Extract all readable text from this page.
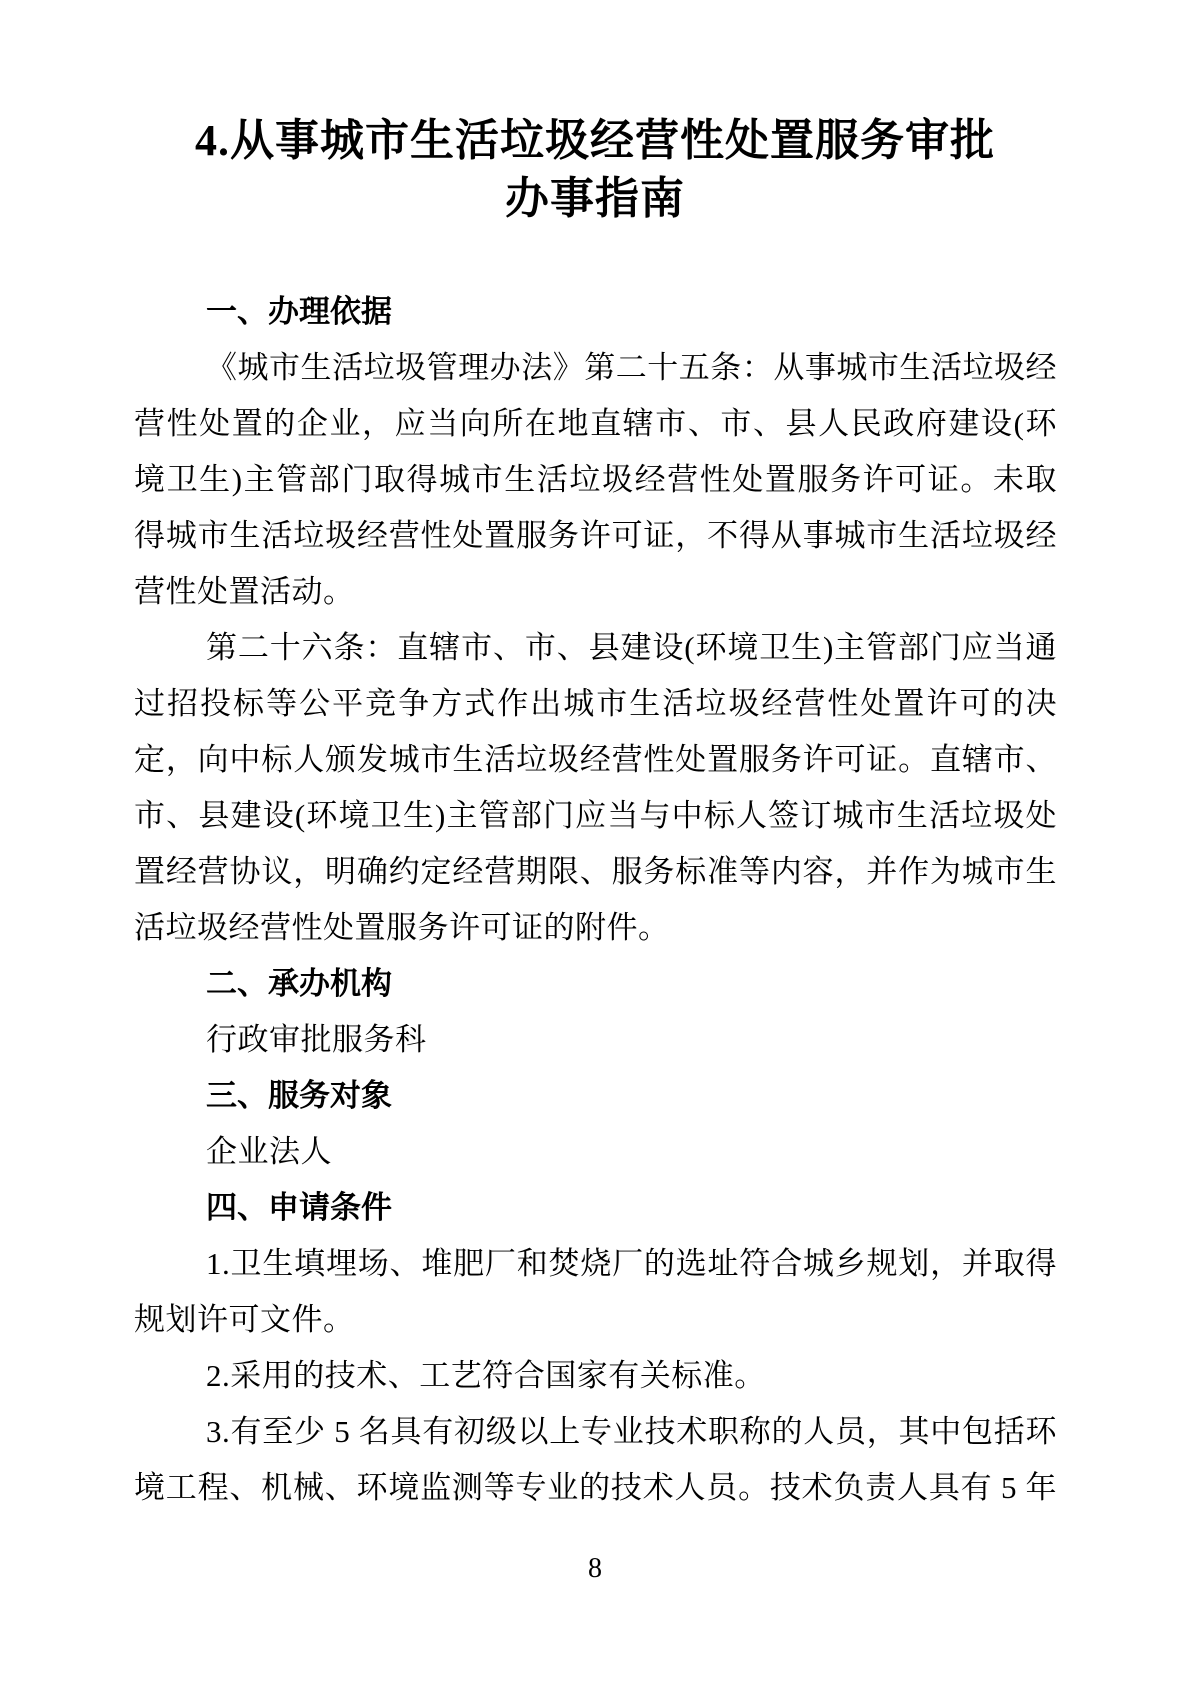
4.从事城市生活垃圾经营性处置服务审批
办事指南
一、办理依据

《城市生活垃圾管理办法》第二十五条：从事城市生活垃圾经营性处置的企业，应当向所在地直辖市、市、县人民政府建设(环境卫生)主管部门取得城市生活垃圾经营性处置服务许可证。未取得城市生活垃圾经营性处置服务许可证，不得从事城市生活垃圾经营性处置活动。

第二十六条：直辖市、市、县建设(环境卫生)主管部门应当通过招投标等公平竞争方式作出城市生活垃圾经营性处置许可的决定，向中标人颁发城市生活垃圾经营性处置服务许可证。直辖市、市、县建设(环境卫生)主管部门应当与中标人签订城市生活垃圾处置经营协议，明确约定经营期限、服务标准等内容，并作为城市生活垃圾经营性处置服务许可证的附件。

二、承办机构

行政审批服务科

三、服务对象

企业法人

四、申请条件

1.卫生填埋场、堆肥厂和焚烧厂的选址符合城乡规划，并取得规划许可文件。

2.采用的技术、工艺符合国家有关标准。

3.有至少 5 名具有初级以上专业技术职称的人员，其中包括环境工程、机械、环境监测等专业的技术人员。技术负责人具有 5 年

8
